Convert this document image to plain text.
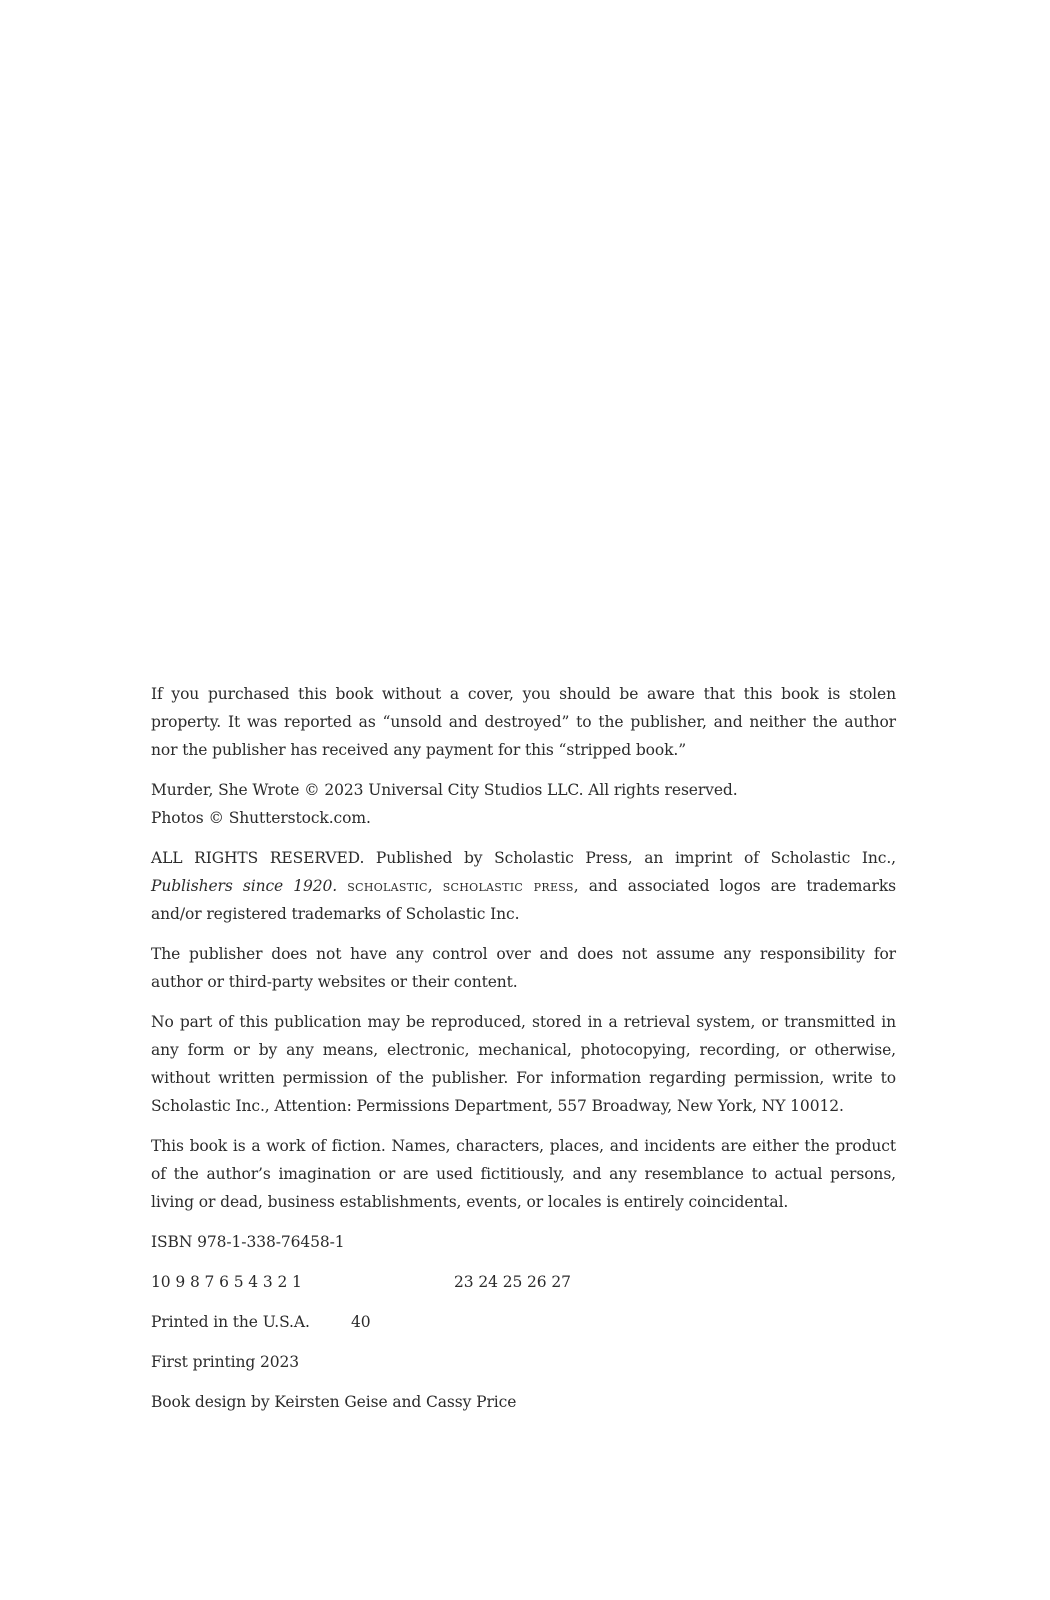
If you purchased this book without a cover, you should be aware that this book is stolen property. It was reported as “unsold and destroyed” to the publisher, and neither the author nor the publisher has received any payment for this “stripped book.”

Murder, She Wrote © 2023 Universal City Studios LLC. All rights reserved.
Photos © Shutterstock.com.

ALL RIGHTS RESERVED. Published by Scholastic Press, an imprint of Scholastic Inc., Publishers since 1920. scholastic, scholastic press, and associated logos are trademarks and/or registered trademarks of Scholastic Inc.

The publisher does not have any control over and does not assume any responsibility for author or third-party websites or their content.

No part of this publication may be reproduced, stored in a retrieval system, or transmitted in any form or by any means, electronic, mechanical, photocopying, recording, or otherwise, without written permission of the publisher. For information regarding permission, write to Scholastic Inc., Attention: Permissions Department, 557 Broadway, New York, NY 10012.

This book is a work of fiction. Names, characters, places, and incidents are either the product of the author’s imagination or are used fictitiously, and any resemblance to actual persons, living or dead, business establishments, events, or locales is entirely coincidental.

ISBN 978-1-338-76458-1

10 9 8 7 6 5 4 3 2 1	23 24 25 26 27
Printed in the U.S.A.	40

First printing 2023

Book design by Keirsten Geise and Cassy Price
